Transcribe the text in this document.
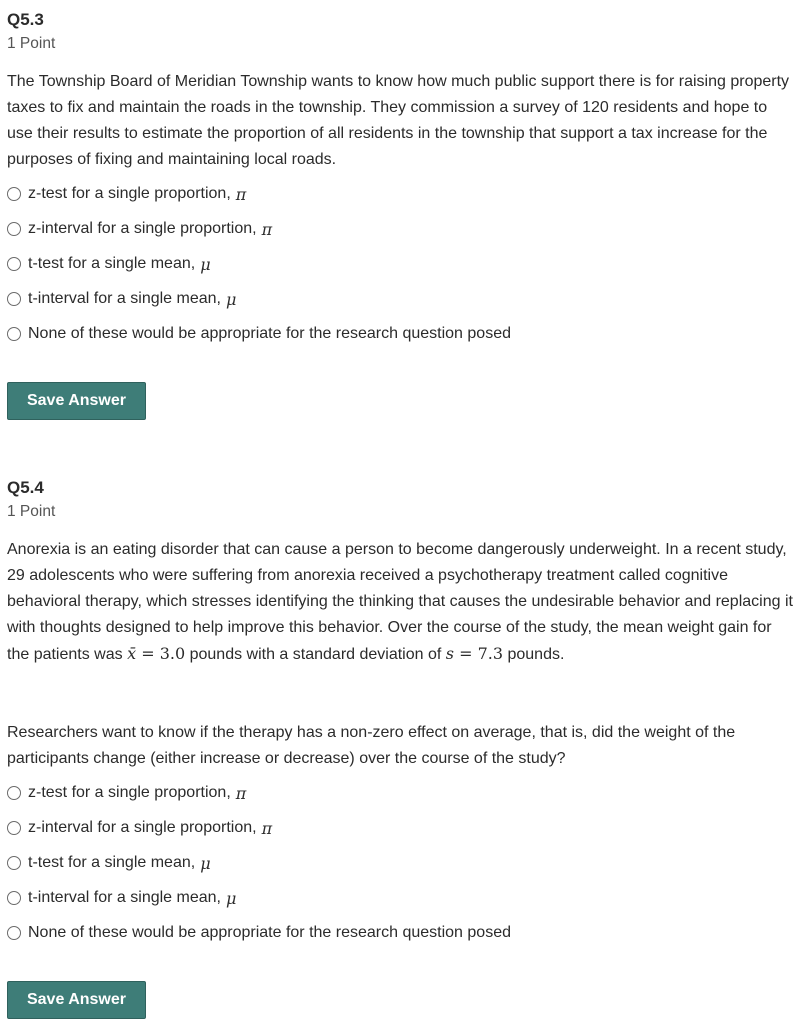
Q5.3
1 Point

The Township Board of Meridian Township wants to know how much public support there is for raising property taxes to fix and maintain the roads in the township. They commission a survey of 120 residents and hope to use their results to estimate the proportion of all residents in the township that support a tax increase for the purposes of fixing and maintaining local roads.

z-test for a single proportion, π
z-interval for a single proportion, π
t-test for a single mean, μ
t-interval for a single mean, μ
None of these would be appropriate for the research question posed
Save Answer
Q5.4
1 Point

Anorexia is an eating disorder that can cause a person to become dangerously underweight. In a recent study, 29 adolescents who were suffering from anorexia received a psychotherapy treatment called cognitive behavioral therapy, which stresses identifying the thinking that causes the undesirable behavior and replacing it with thoughts designed to help improve this behavior. Over the course of the study, the mean weight gain for the patients was x̄ = 3.0 pounds with a standard deviation of s = 7.3 pounds.

Researchers want to know if the therapy has a non-zero effect on average, that is, did the weight of the participants change (either increase or decrease) over the course of the study?

z-test for a single proportion, π
z-interval for a single proportion, π
t-test for a single mean, μ
t-interval for a single mean, μ
None of these would be appropriate for the research question posed
Save Answer
